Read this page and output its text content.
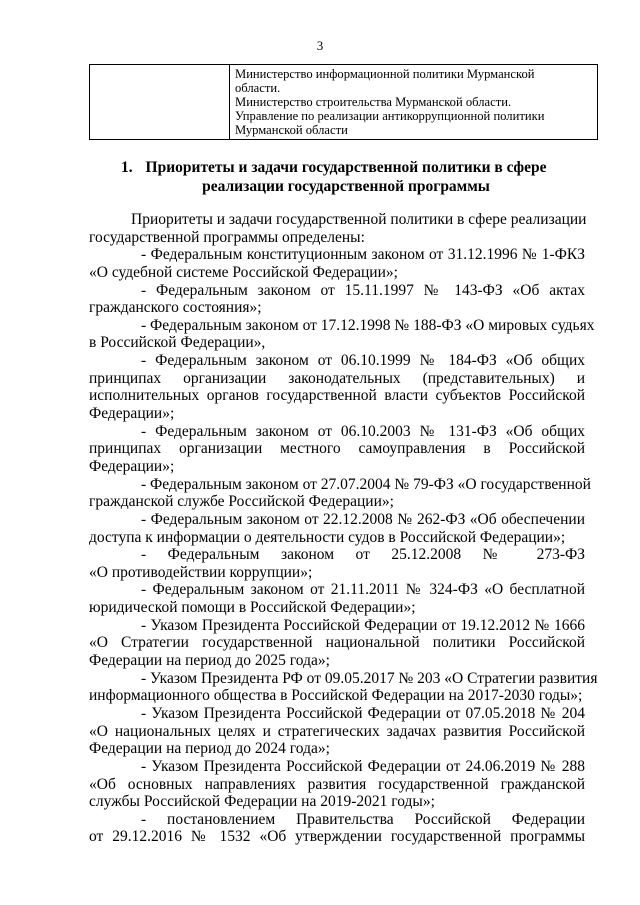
3

Министерство информационной политики Мурманской
области.
Министерство строительства Мурманской области.
Управление по реализации антикоррупционной политики
Мурманской области
1. Приоритеты и задачи государственной политики в сфере
реализации государственной программы
Приоритеты и задачи государственной политики в сфере реализации
государственной программы определены:
- Федеральным конституционным законом от 31.12.1996 № 1-ФКЗ
«О судебной системе Российской Федерации»;
- Федеральным законом от 15.11.1997 № 143-ФЗ «Об актах
гражданского состояния»;
- Федеральным законом от 17.12.1998 № 188-ФЗ «О мировых судьях
в Российской Федерации»,
- Федеральным законом от 06.10.1999 № 184-ФЗ «Об общих
принципах организации законодательных (представительных) и
исполнительных органов государственной власти субъектов Российской
Федерации»;
- Федеральным законом от 06.10.2003 № 131-ФЗ «Об общих
принципах организации местного самоуправления в Российской
Федерации»;
- Федеральным законом от 27.07.2004 № 79-ФЗ «О государственной
гражданской службе Российской Федерации»;
- Федеральным законом от 22.12.2008 № 262-ФЗ «Об обеспечении
доступа к информации о деятельности судов в Российской Федерации»;
- Федеральным законом от 25.12.2008 № 273-ФЗ
«О противодействии коррупции»;
- Федеральным законом от 21.11.2011 № 324-ФЗ «О бесплатной
юридической помощи в Российской Федерации»;
- Указом Президента Российской Федерации от 19.12.2012 № 1666
«О Стратегии государственной национальной политики Российской
Федерации на период до 2025 года»;
- Указом Президента РФ от 09.05.2017 № 203 «О Стратегии развития
информационного общества в Российской Федерации на 2017-2030 годы»;
- Указом Президента Российской Федерации от 07.05.2018 № 204
«О национальных целях и стратегических задачах развития Российской
Федерации на период до 2024 года»;
- Указом Президента Российской Федерации от 24.06.2019 № 288
«Об основных направлениях развития государственной гражданской
службы Российской Федерации на 2019-2021 годы»;
- постановлением Правительства Российской Федерации
от 29.12.2016 № 1532 «Об утверждении государственной программы
